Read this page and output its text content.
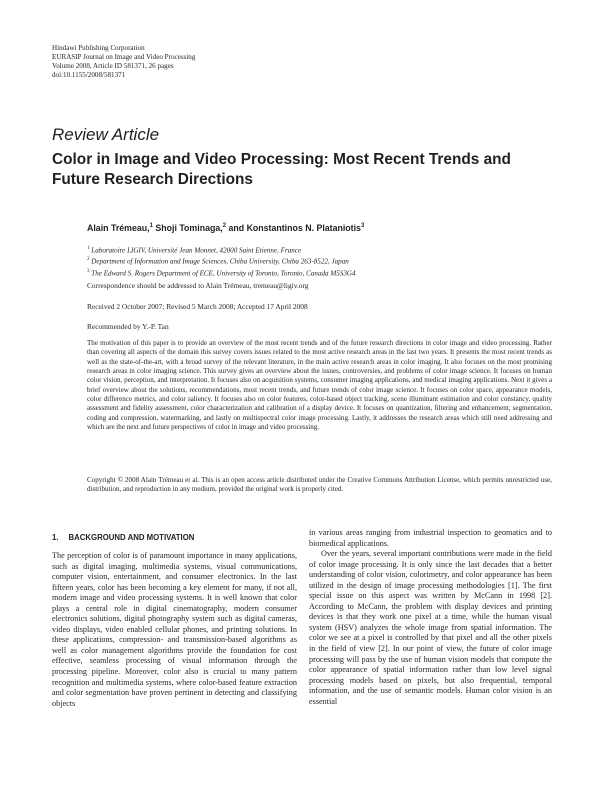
Hindawi Publishing Corporation
EURASIP Journal on Image and Video Processing
Volume 2008, Article ID 581371, 26 pages
doi:10.1155/2008/581371
Review Article
Color in Image and Video Processing: Most Recent Trends and Future Research Directions
Alain Trémeau,$^1$ Shoji Tominaga,$^2$ and Konstantinos N. Plataniotis$^3$
$^1$ Laboratoire LIGIV, Université Jean Monnet, 42000 Saint Etienne, France
$^2$ Department of Information and Image Sciences, Chiba University, Chiba 263-8522, Japan
$^3$ The Edward S. Rogers Department of ECE, University of Toronto, Toronto, Canada M5S3G4
Correspondence should be addressed to Alain Trémeau, tremeau@ligiv.org
Received 2 October 2007; Revised 5 March 2008; Accepted 17 April 2008
Recommended by Y.-P. Tan
The motivation of this paper is to provide an overview of the most recent trends and of the future research directions in color image and video processing. Rather than covering all aspects of the domain this survey covers issues related to the most active research areas in the last two years. It presents the most recent trends as well as the state-of-the-art, with a broad survey of the relevant literature, in the main active research areas in color imaging. It also focuses on the most promising research areas in color imaging science. This survey gives an overview about the issues, controversies, and problems of color image science. It focuses on human color vision, perception, and interpretation. It focuses also on acquisition systems, consumer imaging applications, and medical imaging applications. Next it gives a brief overview about the solutions, recommendations, most recent trends, and future trends of color image science. It focuses on color space, appearance models, color difference metrics, and color saliency. It focuses also on color features, color-based object tracking, scene illuminant estimation and color constancy, quality assessment and fidelity assessment, color characterization and calibration of a display device. It focuses on quantization, filtering and enhancement, segmentation, coding and compression, watermarking, and lastly on multispectral color image processing. Lastly, it addresses the research areas which still need addressing and which are the next and future perspectives of color in image and video processing.
Copyright © 2008 Alain Trémeau et al. This is an open access article distributed under the Creative Commons Attribution License, which permits unrestricted use, distribution, and reproduction in any medium, provided the original work is properly cited.
1. BACKGROUND AND MOTIVATION

The perception of color is of paramount importance in many applications, such as digital imaging, multimedia systems, visual communications, computer vision, entertainment, and consumer electronics. In the last fifteen years, color has been becoming a key element for many, if not all, modern image and video processing systems. It is well known that color plays a central role in digital cinematography, modern consumer electronics solutions, digital photography system such as digital cameras, video displays, video enabled cellular phones, and printing solutions. In these applications, compression- and transmission-based algorithms as well as color management algorithms provide the foundation for cost effective, seamless processing of visual information through the processing pipeline. Moreover, color also is crucial to many pattern recognition and multimedia systems, where color-based feature extraction and color segmentation have proven pertinent in detecting and classifying objects

in various areas ranging from industrial inspection to geomatics and to biomedical applications.

Over the years, several important contributions were made in the field of color image processing. It is only since the last decades that a better understanding of color vision, colorimetry, and color appearance has been utilized in the design of image processing methodologies [1]. The first special issue on this aspect was written by McCann in 1998 [2]. According to McCann, the problem with display devices and printing devices is that they work one pixel at a time, while the human visual system (HSV) analyzes the whole image from spatial information. The color we see at a pixel is controlled by that pixel and all the other pixels in the field of view [2]. In our point of view, the future of color image processing will pass by the use of human vision models that compute the color appearance of spatial information rather than low level signal processing models based on pixels, but also frequential, temporal information, and the use of semantic models. Human color vision is an essential
